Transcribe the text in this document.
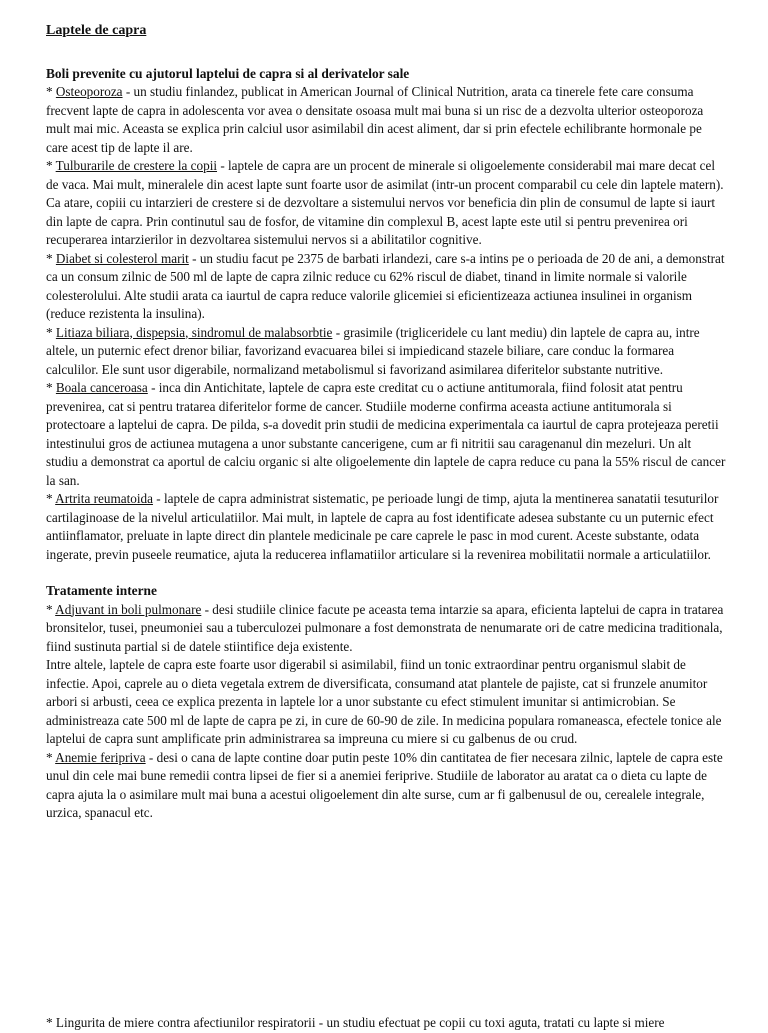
Laptele de capra
Boli prevenite cu ajutorul laptelui de capra si al derivatelor sale

* Osteoporoza - un studiu finlandez, publicat in American Journal of Clinical Nutrition, arata ca tinerele fete care consuma frecvent lapte de capra in adolescenta vor avea o densitate osoasa mult mai buna si un risc de a dezvolta ulterior osteoporoza mult mai mic. Aceasta se explica prin calciul usor asimilabil din acest aliment, dar si prin efectele echilibrante hormonale pe care acest tip de lapte il are.

* Tulburarile de crestere la copii - laptele de capra are un procent de minerale si oligoelemente considerabil mai mare decat cel de vaca. Mai mult, mineralele din acest lapte sunt foarte usor de asimilat (intr-un procent comparabil cu cele din laptele matern). Ca atare, copiii cu intarzieri de crestere si de dezvoltare a sistemului nervos vor beneficia din plin de consumul de lapte si iaurt din lapte de capra. Prin continutul sau de fosfor, de vitamine din complexul B, acest lapte este util si pentru prevenirea ori recuperarea intarzierilor in dezvoltarea sistemului nervos si a abilitatilor cognitive.

* Diabet si colesterol marit - un studiu facut pe 2375 de barbati irlandezi, care s-a intins pe o perioada de 20 de ani, a demonstrat ca un consum zilnic de 500 ml de lapte de capra zilnic reduce cu 62% riscul de diabet, tinand in limite normale si valorile colesterolului. Alte studii arata ca iaurtul de capra reduce valorile glicemiei si eficientizeaza actiunea insulinei in organism (reduce rezistenta la insulina).

* Litiaza biliara, dispepsia, sindromul de malabsorbtie - grasimile (trigliceridele cu lant mediu) din laptele de capra au, intre altele, un puternic efect drenor biliar, favorizand evacuarea bilei si impiedicand stazele biliare, care conduc la formarea calculilor. Ele sunt usor digerabile, normalizand metabolismul si favorizand asimilarea diferitelor substante nutritive.

* Boala canceroasa - inca din Antichitate, laptele de capra este creditat cu o actiune antitumorala, fiind folosit atat pentru prevenirea, cat si pentru tratarea diferitelor forme de cancer. Studiile moderne confirma aceasta actiune antitumorala si protectoare a laptelui de capra. De pilda, s-a dovedit prin studii de medicina experimentala ca iaurtul de capra protejeaza peretii intestinului gros de actiunea mutagena a unor substante cancerigene, cum ar fi nitritii sau caragenanul din mezeluri. Un alt studiu a demonstrat ca aportul de calciu organic si alte oligoelemente din laptele de capra reduce cu pana la 55% riscul de cancer la san.

* Artrita reumatoida - laptele de capra administrat sistematic, pe perioade lungi de timp, ajuta la mentinerea sanatatii tesuturilor cartilaginoase de la nivelul articulatiilor. Mai mult, in laptele de capra au fost identificate adesea substante cu un puternic efect antiinflamator, preluate in lapte direct din plantele medicinale pe care caprele le pasc in mod curent. Aceste substante, odata ingerate, previn puseele reumatice, ajuta la reducerea inflamatiilor articulare si la revenirea mobilitatii normale a articulatiilor.

Tratamente interne

* Adjuvant in boli pulmonare - desi studiile clinice facute pe aceasta tema intarzie sa apara, eficienta laptelui de capra in tratarea bronsitelor, tusei, pneumoniei sau a tuberculozei pulmonare a fost demonstrata de nenumarate ori de catre medicina traditionala, fiind sustinuta partial si de datele stiintifice deja existente.

Intre altele, laptele de capra este foarte usor digerabil si asimilabil, fiind un tonic extraordinar pentru organismul slabit de infectie. Apoi, caprele au o dieta vegetala extrem de diversificata, consumand atat plantele de pajiste, cat si frunzele anumitor arbori si arbusti, ceea ce explica prezenta in laptele lor a unor substante cu efect stimulent imunitar si antimicrobian. Se administreaza cate 500 ml de lapte de capra pe zi, in cure de 60-90 de zile. In medicina populara romaneasca, efectele tonice ale laptelui de capra sunt amplificate prin administrarea sa impreuna cu miere si cu galbenus de ou crud.

* Anemie feripriva - desi o cana de lapte contine doar putin peste 10% din cantitatea de fier necesara zilnic, laptele de capra este unul din cele mai bune remedii contra lipsei de fier si a anemiei feriprive. Studiile de laborator au aratat ca o dieta cu lapte de capra ajuta la o asimilare mult mai buna a acestui oligoelement din alte surse, cum ar fi galbenusul de ou, cerealele integrale, urzica, spanacul etc.

* Lingurita de miere contra afectiunilor respiratorii - un studiu efectuat pe copii cu toxi aguta, tratati cu lapte si miere
